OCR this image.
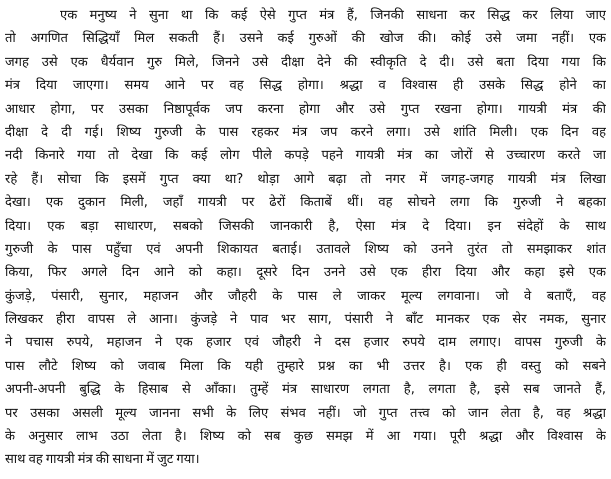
एक मनुष्य ने सुना था कि कई ऐसे गुप्त मंत्र हैं, जिनकी साधना कर सिद्ध कर लिया जाए
तो अगणित सिद्धियाँ मिल सकती हैं। उसने कई गुरुओं की खोज की। कोई उसे जमा नहीं। एक
जगह उसे एक धैर्यवान गुरु मिले, जिनने उसे दीक्षा देने की स्वीकृति दे दी। उसे बता दिया गया कि
मंत्र दिया जाएगा। समय आने पर वह सिद्ध होगा। श्रद्धा व विश्वास ही उसके सिद्ध होने का
आधार होगा, पर उसका निष्ठापूर्वक जप करना होगा और उसे गुप्त रखना होगा। गायत्री मंत्र की
दीक्षा दे दी गई। शिष्य गुरुजी के पास रहकर मंत्र जप करने लगा। उसे शांति मिली। एक दिन वह
नदी किनारे गया तो देखा कि कई लोग पीले कपड़े पहने गायत्री मंत्र का जोरों से उच्चारण करते जा
रहे हैं। सोचा कि इसमें गुप्त क्या था? थोड़ा आगे बढ़ा तो नगर में जगह-जगह गायत्री मंत्र लिखा
देखा। एक दुकान मिली, जहाँ गायत्री पर ढेरों किताबें थीं। वह सोचने लगा कि गुरुजी ने बहका
दिया। एक बड़ा साधारण, सबको जिसकी जानकारी है, ऐसा मंत्र दे दिया। इन संदेहों के साथ
गुरुजी के पास पहुँचा एवं अपनी शिकायत बताई। उतावले शिष्य को उनने तुरंत तो समझाकर शांत
किया, फिर अगले दिन आने को कहा। दूसरे दिन उनने उसे एक हीरा दिया और कहा इसे एक
कुंजड़े, पंसारी, सुनार, महाजन और जौहरी के पास ले जाकर मूल्य लगवाना। जो वे बताएँ, वह
लिखकर हीरा वापस ले आना। कुंजड़े ने पाव भर साग, पंसारी ने बाँट मानकर एक सेर नमक, सुनार
ने पचास रुपये, महाजन ने एक हजार एवं जौहरी ने दस हजार रुपये दाम लगाए। वापस गुरुजी के
पास लौटे शिष्य को जवाब मिला कि यही तुम्हारे प्रश्न का भी उत्तर है। एक ही वस्तु को सबने
अपनी-अपनी बुद्धि के हिसाब से आँका। तुम्हें मंत्र साधारण लगता है, लगता है, इसे सब जानते हैं,
पर उसका असली मूल्य जानना सभी के लिए संभव नहीं। जो गुप्त तत्त्व को जान लेता है, वह श्रद्धा
के अनुसार लाभ उठा लेता है। शिष्य को सब कुछ समझ में आ गया। पूरी श्रद्धा और विश्वास के
साथ वह गायत्री मंत्र की साधना में जुट गया।
